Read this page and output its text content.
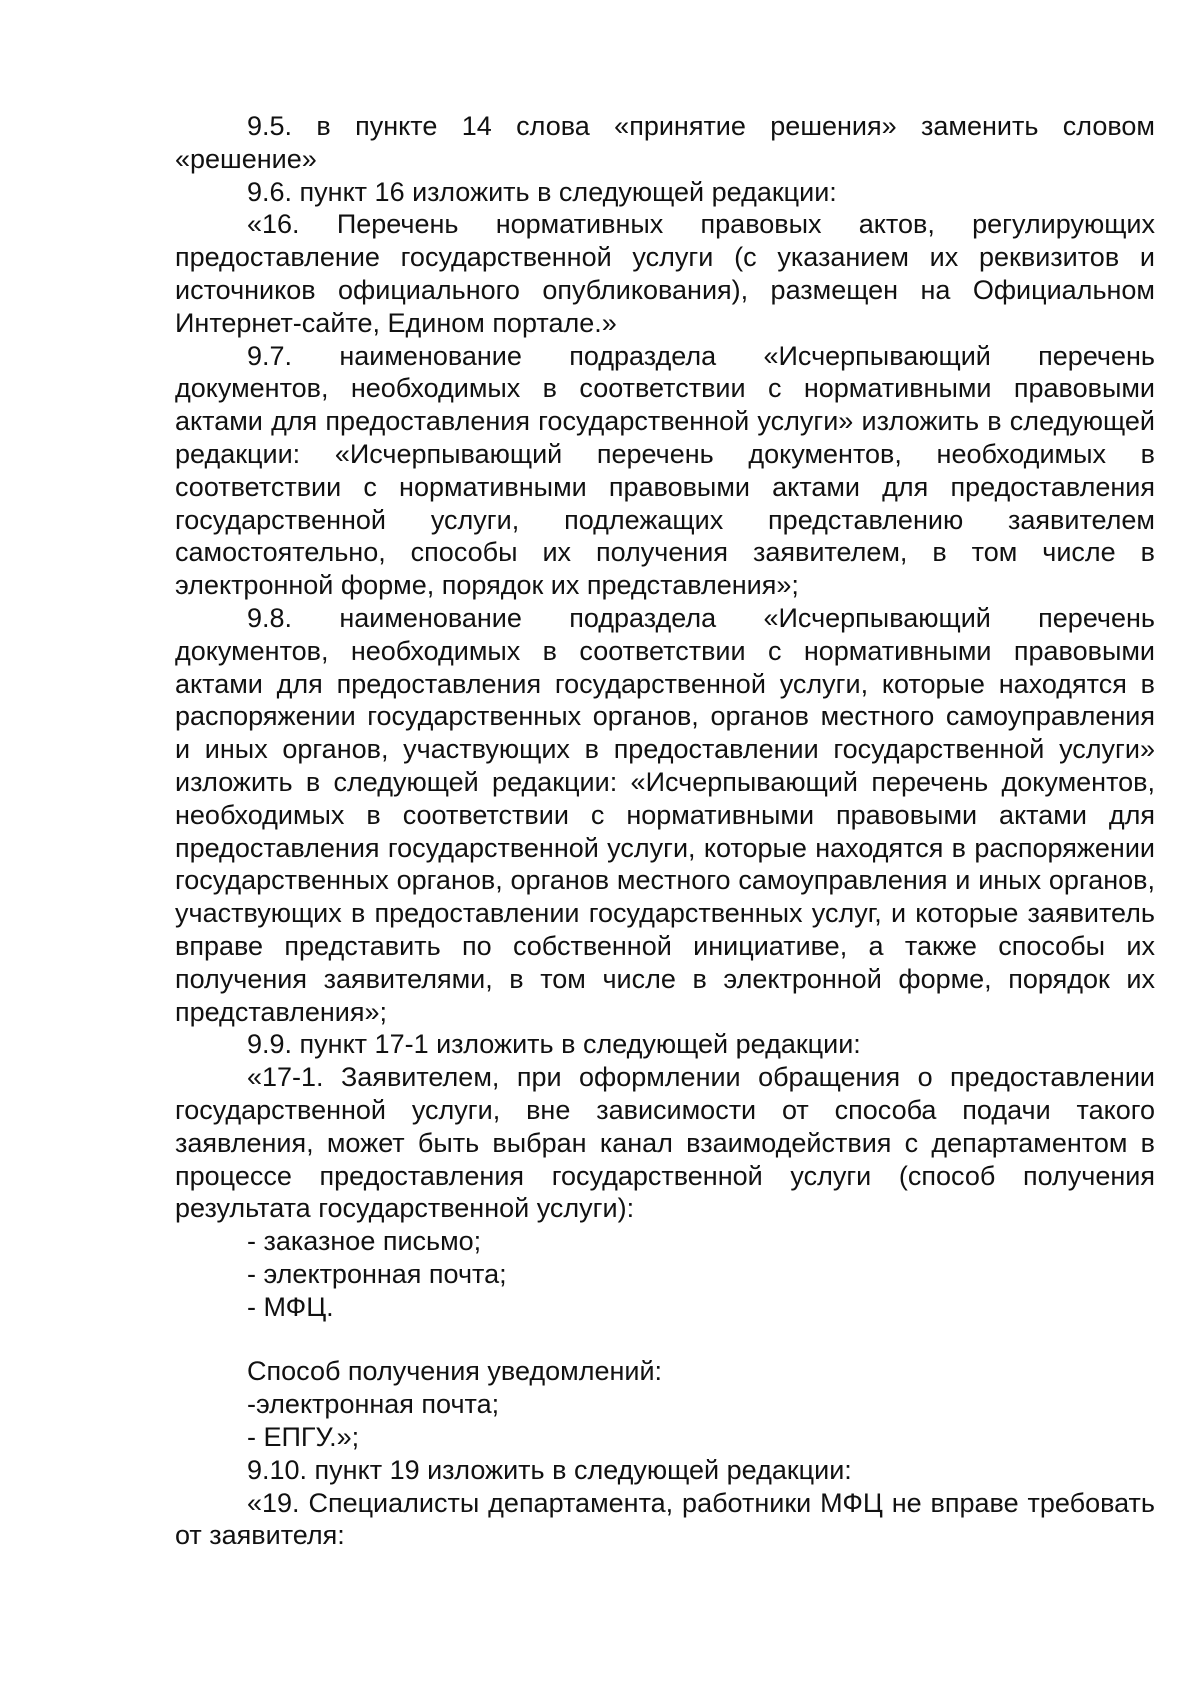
9.5. в пункте 14 слова «принятие решения» заменить словом «решение»

9.6. пункт 16 изложить в следующей редакции:

«16. Перечень нормативных правовых актов, регулирующих предоставление государственной услуги (с указанием их реквизитов и источников официального опубликования), размещен на Официальном Интернет-сайте, Едином портале.»

9.7. наименование подраздела «Исчерпывающий перечень документов, необходимых в соответствии с нормативными правовыми актами для предоставления государственной услуги» изложить в следующей редакции: «Исчерпывающий перечень документов, необходимых в соответствии с нормативными правовыми актами для предоставления государственной услуги, подлежащих представлению заявителем самостоятельно, способы их получения заявителем, в том числе в электронной форме, порядок их представления»;

9.8. наименование подраздела «Исчерпывающий перечень документов, необходимых в соответствии с нормативными правовыми актами для предоставления государственной услуги, которые находятся в распоряжении государственных органов, органов местного самоуправления и иных органов, участвующих в предоставлении государственной услуги» изложить в следующей редакции: «Исчерпывающий перечень документов, необходимых в соответствии с нормативными правовыми актами для предоставления государственной услуги, которые находятся в распоряжении государственных органов, органов местного самоуправления и иных органов, участвующих в предоставлении государственных услуг, и которые заявитель вправе представить по собственной инициативе, а также способы их получения заявителями, в том числе в электронной форме, порядок их представления»;

9.9. пункт 17-1 изложить в следующей редакции:

«17-1. Заявителем, при оформлении обращения о предоставлении государственной услуги, вне зависимости от способа подачи такого заявления, может быть выбран канал взаимодействия с департаментом в процессе предоставления государственной услуги (способ получения результата государственной услуги):

- заказное письмо;

- электронная почта;

- МФЦ.

Способ получения уведомлений:

-электронная почта;

- ЕПГУ.»;

9.10. пункт 19 изложить в следующей редакции:

«19. Специалисты департамента, работники МФЦ не вправе требовать от заявителя:
